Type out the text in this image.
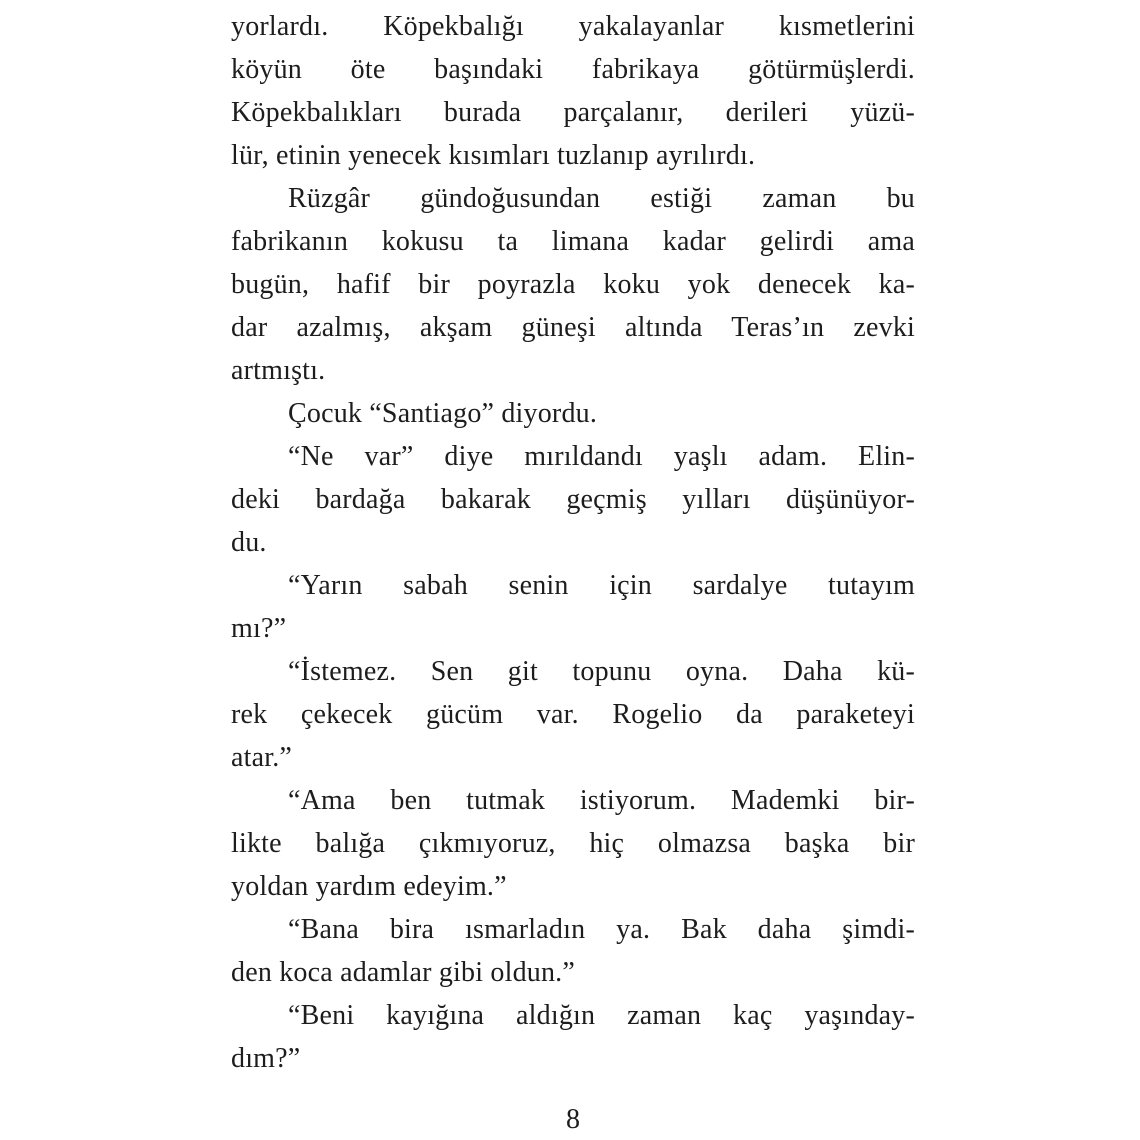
yorlardı. Köpekbalığı yakalayanlar kısmetlerini
köyün öte başındaki fabrikaya götürmüşlerdi.
Köpekbalıkları burada parçalanır, derileri yüzü-
lür, etinin yenecek kısımları tuzlanıp ayrılırdı.
Rüzgâr gündoğusundan estiği zaman bu
fabrikanın kokusu ta limana kadar gelirdi ama
bugün, hafif bir poyrazla koku yok denecek ka-
dar azalmış, akşam güneşi altında Teras’ın zevki
artmıştı.
Çocuk “Santiago” diyordu.
“Ne var” diye mırıldandı yaşlı adam. Elin-
deki bardağa bakarak geçmiş yılları düşünüyor-
du.
“Yarın sabah senin için sardalye tutayım
mı?”
“İstemez. Sen git topunu oyna. Daha kü-
rek çekecek gücüm var. Rogelio da paraketeyi
atar.”
“Ama ben tutmak istiyorum. Mademki bir-
likte balığa çıkmıyoruz, hiç olmazsa başka bir
yoldan yardım edeyim.”
“Bana bira ısmarladın ya. Bak daha şimdi-
den koca adamlar gibi oldun.”
“Beni kayığına aldığın zaman kaç yaşınday-
dım?”
8
